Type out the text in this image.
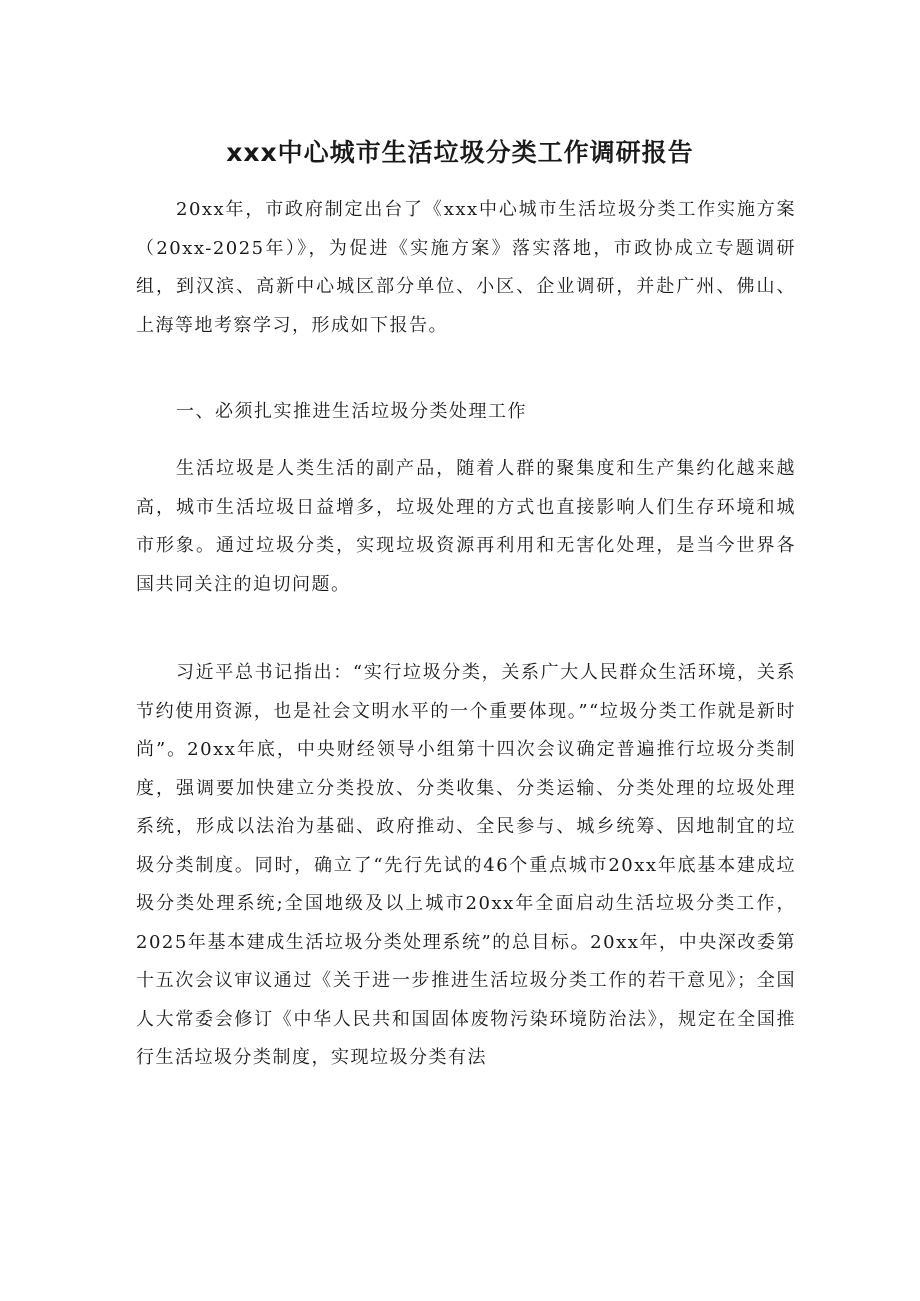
xxx中心城市生活垃圾分类工作调研报告

20xx年，市政府制定出台了《xxx中心城市生活垃圾分类工作实施方案（20xx-2025年）》，为促进《实施方案》落实落地，市政协成立专题调研组，到汉滨、高新中心城区部分单位、小区、企业调研，并赴广州、佛山、上海等地考察学习，形成如下报告。

一、必须扎实推进生活垃圾分类处理工作

生活垃圾是人类生活的副产品，随着人群的聚集度和生产集约化越来越高，城市生活垃圾日益增多，垃圾处理的方式也直接影响人们生存环境和城市形象。通过垃圾分类，实现垃圾资源再利用和无害化处理，是当今世界各国共同关注的迫切问题。

习近平总书记指出：“实行垃圾分类，关系广大人民群众生活环境，关系节约使用资源，也是社会文明水平的一个重要体现。”“垃圾分类工作就是新时尚”。20xx年底，中央财经领导小组第十四次会议确定普遍推行垃圾分类制度，强调要加快建立分类投放、分类收集、分类运输、分类处理的垃圾处理系统，形成以法治为基础、政府推动、全民参与、城乡统筹、因地制宜的垃圾分类制度。同时，确立了“先行先试的46个重点城市20xx年底基本建成垃圾分类处理系统;全国地级及以上城市20xx年全面启动生活垃圾分类工作，2025年基本建成生活垃圾分类处理系统”的总目标。20xx年，中央深改委第十五次会议审议通过《关于进一步推进生活垃圾分类工作的若干意见》；全国人大常委会修订《中华人民共和国固体废物污染环境防治法》，规定在全国推行生活垃圾分类制度，实现垃圾分类有法
